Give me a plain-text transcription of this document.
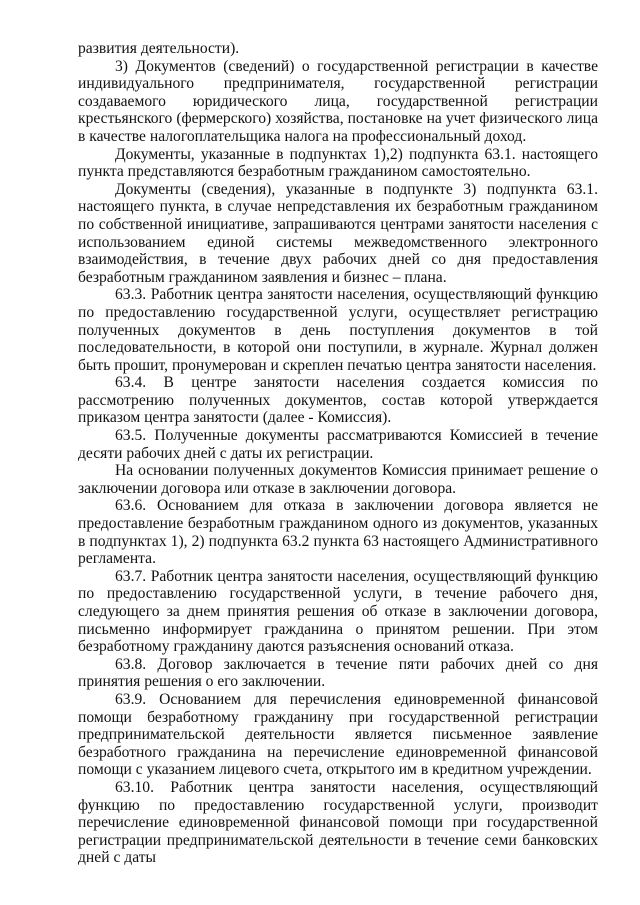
развития деятельности).

3) Документов (сведений) о государственной регистрации в качестве индивидуального предпринимателя, государственной регистрации создаваемого юридического лица, государственной регистрации крестьянского (фермерского) хозяйства, постановке на учет физического лица в качестве налогоплательщика налога на профессиональный доход.

Документы, указанные в подпунктах 1),2) подпункта 63.1. настоящего пункта представляются безработным гражданином самостоятельно.

Документы (сведения), указанные в подпункте 3) подпункта 63.1. настоящего пункта, в случае непредставления их безработным гражданином по собственной инициативе, запрашиваются центрами занятости населения с использованием единой системы межведомственного электронного взаимодействия, в течение двух рабочих дней со дня предоставления безработным гражданином заявления и бизнес – плана.

63.3. Работник центра занятости населения, осуществляющий функцию по предоставлению государственной услуги, осуществляет регистрацию полученных документов в день поступления документов в той последовательности, в которой они поступили, в журнале. Журнал должен быть прошит, пронумерован и скреплен печатью центра занятости населения.

63.4. В центре занятости населения создается комиссия по рассмотрению полученных документов, состав которой утверждается приказом центра занятости (далее - Комиссия).

63.5. Полученные документы рассматриваются Комиссией в течение десяти рабочих дней с даты их регистрации.

На основании полученных документов Комиссия принимает решение о заключении договора или отказе в заключении договора.

63.6. Основанием для отказа в заключении договора является не предоставление безработным гражданином одного из документов, указанных в подпунктах 1), 2) подпункта 63.2 пункта 63 настоящего Административного регламента.

63.7. Работник центра занятости населения, осуществляющий функцию по предоставлению государственной услуги, в течение рабочего дня, следующего за днем принятия решения об отказе в заключении договора, письменно информирует гражданина о принятом решении. При этом безработному гражданину даются разъяснения оснований отказа.

63.8. Договор заключается в течение пяти рабочих дней со дня принятия решения о его заключении.

63.9. Основанием для перечисления единовременной финансовой помощи безработному гражданину при государственной регистрации предпринимательской деятельности является письменное заявление безработного гражданина на перечисление единовременной финансовой помощи с указанием лицевого счета, открытого им в кредитном учреждении.

63.10. Работник центра занятости населения, осуществляющий функцию по предоставлению государственной услуги, производит перечисление единовременной финансовой помощи при государственной регистрации предпринимательской деятельности в течение семи банковских дней с даты
